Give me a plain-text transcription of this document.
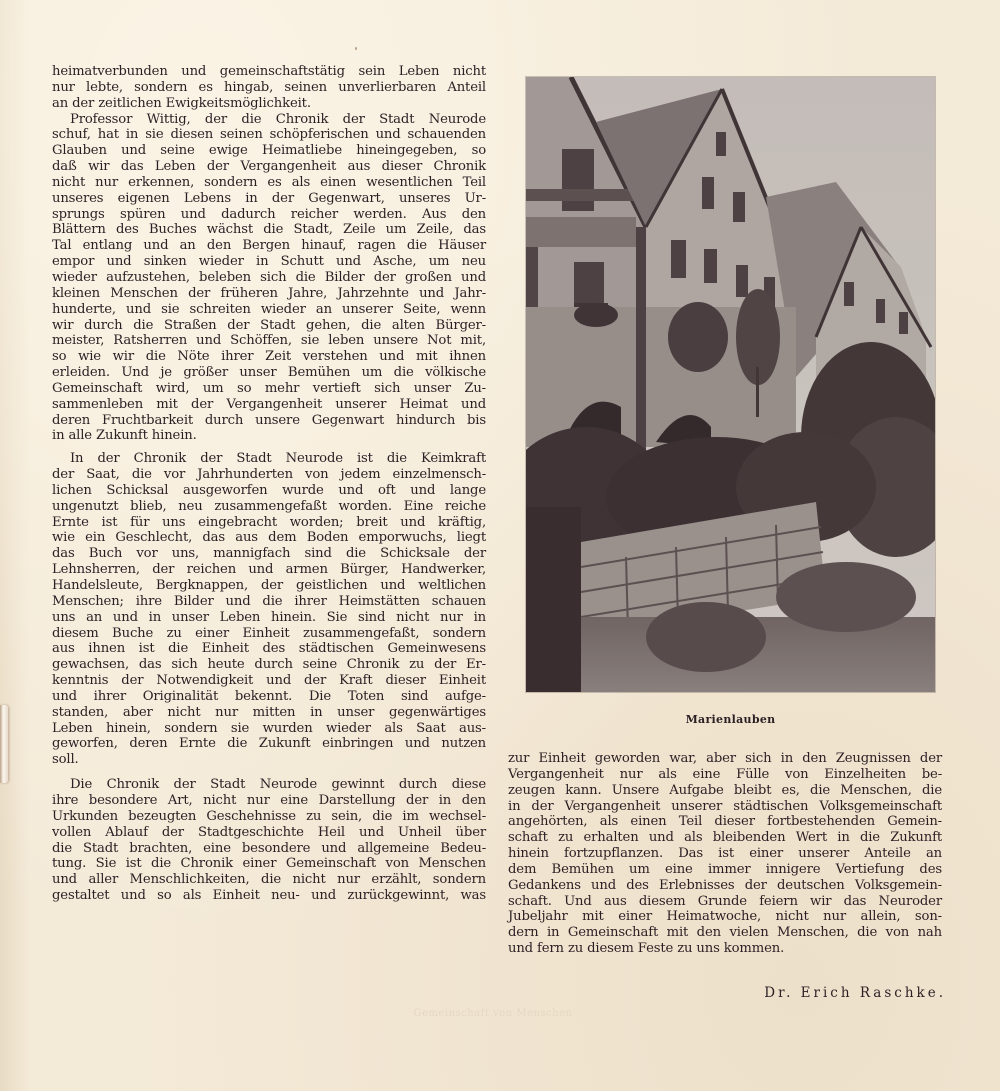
heimatverbunden und gemeinschaftstätig sein Leben nicht
nur lebte, sondern es hingab, seinen unverlierbaren Anteil
an der zeitlichen Ewigkeitsmöglichkeit.

Professor Wittig, der die Chronik der Stadt Neurode
schuf, hat in sie diesen seinen schöpferischen und schauenden
Glauben und seine ewige Heimatliebe hineingegeben, so
daß wir das Leben der Vergangenheit aus dieser Chronik
nicht nur erkennen, sondern es als einen wesentlichen Teil
unseres eigenen Lebens in der Gegenwart, unseres Ur-
sprungs spüren und dadurch reicher werden. Aus den
Blättern des Buches wächst die Stadt, Zeile um Zeile, das
Tal entlang und an den Bergen hinauf, ragen die Häuser
empor und sinken wieder in Schutt und Asche, um neu
wieder aufzustehen, beleben sich die Bilder der großen und
kleinen Menschen der früheren Jahre, Jahrzehnte und Jahr-
hunderte, und sie schreiten wieder an unserer Seite, wenn
wir durch die Straßen der Stadt gehen, die alten Bürger-
meister, Ratsherren und Schöffen, sie leben unsere Not mit,
so wie wir die Nöte ihrer Zeit verstehen und mit ihnen
erleiden. Und je größer unser Bemühen um die völkische
Gemeinschaft wird, um so mehr vertieft sich unser Zu-
sammenleben mit der Vergangenheit unserer Heimat und
deren Fruchtbarkeit durch unsere Gegenwart hindurch bis
in alle Zukunft hinein.

In der Chronik der Stadt Neurode ist die Keimkraft
der Saat, die vor Jahrhunderten von jedem einzelmensch-
lichen Schicksal ausgeworfen wurde und oft und lange
ungenutzt blieb, neu zusammengefaßt worden. Eine reiche
Ernte ist für uns eingebracht worden; breit und kräftig,
wie ein Geschlecht, das aus dem Boden emporwuchs, liegt
das Buch vor uns, mannigfach sind die Schicksale der
Lehnsherren, der reichen und armen Bürger, Handwerker,
Handelsleute, Bergknappen, der geistlichen und weltlichen
Menschen; ihre Bilder und die ihrer Heimstätten schauen
uns an und in unser Leben hinein. Sie sind nicht nur in
diesem Buche zu einer Einheit zusammengefaßt, sondern
aus ihnen ist die Einheit des städtischen Gemeinwesens
gewachsen, das sich heute durch seine Chronik zu der Er-
kenntnis der Notwendigkeit und der Kraft dieser Einheit
und ihrer Originalität bekennt. Die Toten sind aufge-
standen, aber nicht nur mitten in unser gegenwärtiges
Leben hinein, sondern sie wurden wieder als Saat aus-
geworfen, deren Ernte die Zukunft einbringen und nutzen
soll.

Die Chronik der Stadt Neurode gewinnt durch diese
ihre besondere Art, nicht nur eine Darstellung der in den
Urkunden bezeugten Geschehnisse zu sein, die im wechsel-
vollen Ablauf der Stadtgeschichte Heil und Unheil über
die Stadt brachten, eine besondere und allgemeine Bedeu-
tung. Sie ist die Chronik einer Gemeinschaft von Menschen
und aller Menschlichkeiten, die nicht nur erzählt, sondern
gestaltet und so als Einheit neu- und zurückgewinnt, was

Marienlauben

zur Einheit geworden war, aber sich in den Zeugnissen der
Vergangenheit nur als eine Fülle von Einzelheiten be-
zeugen kann. Unsere Aufgabe bleibt es, die Menschen, die
in der Vergangenheit unserer städtischen Volksgemeinschaft
angehörten, als einen Teil dieser fortbestehenden Gemein-
schaft zu erhalten und als bleibenden Wert in die Zukunft
hinein fortzupflanzen. Das ist einer unserer Anteile an
dem Bemühen um eine immer innigere Vertiefung des
Gedankens und des Erlebnisses der deutschen Volksgemein-
schaft. Und aus diesem Grunde feiern wir das Neuroder
Jubeljahr mit einer Heimatwoche, nicht nur allein, son-
dern in Gemeinschaft mit den vielen Menschen, die von nah
und fern zu diesem Feste zu uns kommen.

Dr. Erich Raschke.
Gemeinschaft von Menschen
